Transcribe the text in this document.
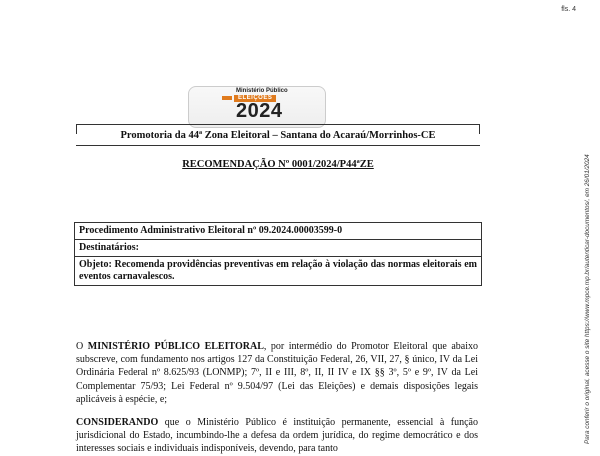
fls. 4
Para conferir o original, acesse o site https://www.mpce.mp.br/autenticar-documentos/, em 26/01/2024
Ministério Público
ELEIÇÕES
2024
Promotoria da 44ª Zona Eleitoral – Santana do Acaraú/Morrinhos-CE
RECOMENDAÇÃO Nº 0001/2024/P44ªZE
Procedimento Administrativo Eleitoral nº 09.2024.00003599-0
Destinatários:
Objeto: Recomenda providências preventivas em relação à violação das normas eleitorais em eventos carnavalescos.
O MINISTÉRIO PÚBLICO ELEITORAL, por intermédio do Promotor Eleitoral que abaixo subscreve, com fundamento nos artigos 127 da Constituição Federal, 26, VII, 27, § único, IV da Lei Ordinária Federal nº 8.625/93 (LONMP); 7º, II e III, 8º, II, II IV e IX §§ 3º, 5º e 9º, IV da Lei Complementar 75/93; Lei Federal nº 9.504/97 (Lei das Eleições) e demais disposições legais aplicáveis à espécie, e;
CONSIDERANDO que o Ministério Público é instituição permanente, essencial à função jurisdicional do Estado, incumbindo-lhe a defesa da ordem jurídica, do regime democrático e dos interesses sociais e individuais indisponíveis, devendo, para tanto
